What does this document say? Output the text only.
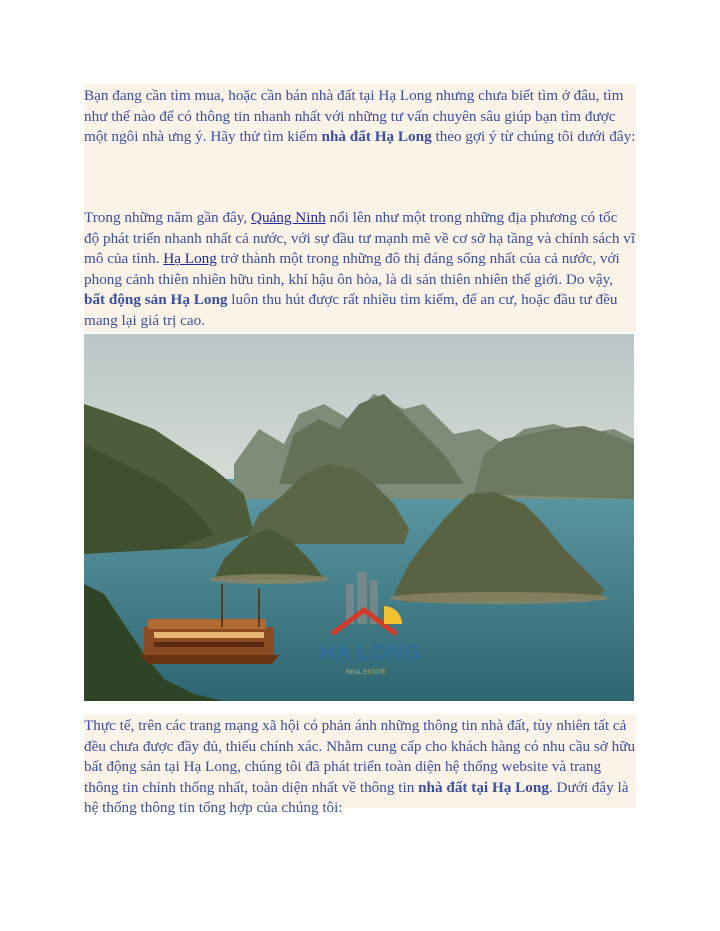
Bạn đang cần tìm mua, hoặc cần bán nhà đất tại Hạ Long nhưng chưa biết tìm ở đâu, tìm như thế nào để có thông tin nhanh nhất với những tư vấn chuyên sâu giúp bạn tìm được một ngôi nhà ưng ý. Hãy thử tìm kiếm nhà đất Hạ Long theo gợi ý từ chúng tôi dưới đây:

Trong những năm gần đây, Quảng Ninh nổi lên như một trong những địa phương có tốc độ phát triển nhanh nhất cả nước, với sự đầu tư mạnh mẽ về cơ sở hạ tầng và chính sách vĩ mô của tỉnh. Hạ Long trở thành một trong những đô thị đáng sống nhất của cả nước, với phong cảnh thiên nhiên hữu tình, khí hậu ôn hòa, là di sản thiên nhiên thế giới. Do vậy, bất động sản Hạ Long luôn thu hút được rất nhiều tìm kiếm, để an cư, hoặc đầu tư đều mang lại giá trị cao.

HẠ LONG
REAL ESTATE

Thực tế, trên các trang mạng xã hội có phản ánh những thông tin nhà đất, tùy nhiên tất cả đều chưa được đầy đủ, thiếu chính xác. Nhằm cung cấp cho khách hàng có nhu cầu sở hữu bất động sản tại Hạ Long, chúng tôi đã phát triển toàn diện hệ thống website và trang thông tin chính thống nhất, toàn diện nhất về thông tin nhà đất tại Hạ Long. Dưới đây là hệ thống thông tin tổng hợp của chúng tôi:
